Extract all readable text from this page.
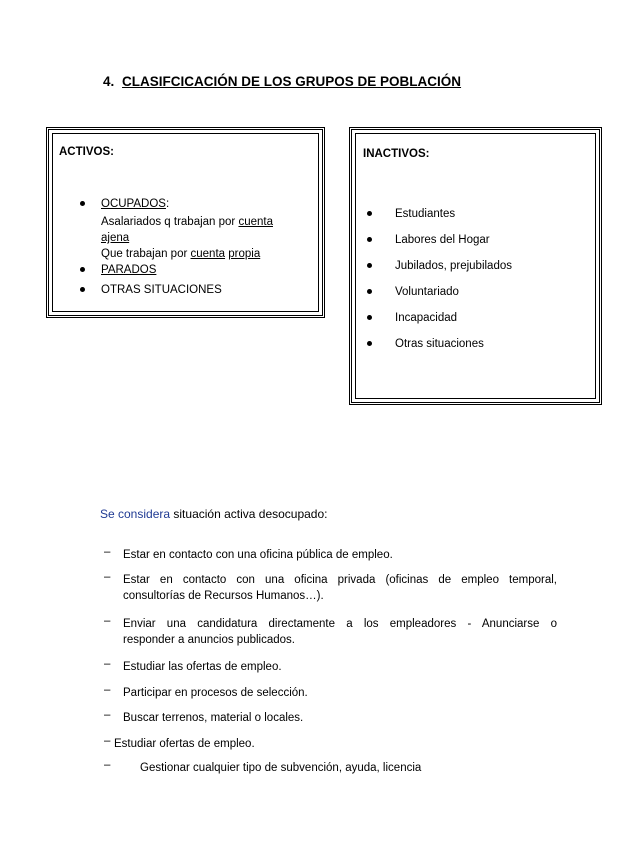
4. CLASIFCICACIÓN DE LOS GRUPOS DE POBLACIÓN
ACTIVOS:
OCUPADOS:
Asalariados q trabajan por cuenta
ajena
Que trabajan por cuenta propia
PARADOS
OTRAS SITUACIONES
INACTIVOS:
Estudiantes
Labores del Hogar
Jubilados, prejubilados
Voluntariado
Incapacidad
Otras situaciones
Se considera situación activa desocupado:
– Estar en contacto con una oficina pública de empleo.
– Estar en contacto con una oficina privada (oficinas de empleo temporal,
consultorías de Recursos Humanos…).
– Enviar una candidatura directamente a los empleadores - Anunciarse o
responder a anuncios publicados.
– Estudiar las ofertas de empleo.
– Participar en procesos de selección.
– Buscar terrenos, material o locales.
– Estudiar ofertas de empleo.
–	Gestionar cualquier tipo de subvención, ayuda, licencia
